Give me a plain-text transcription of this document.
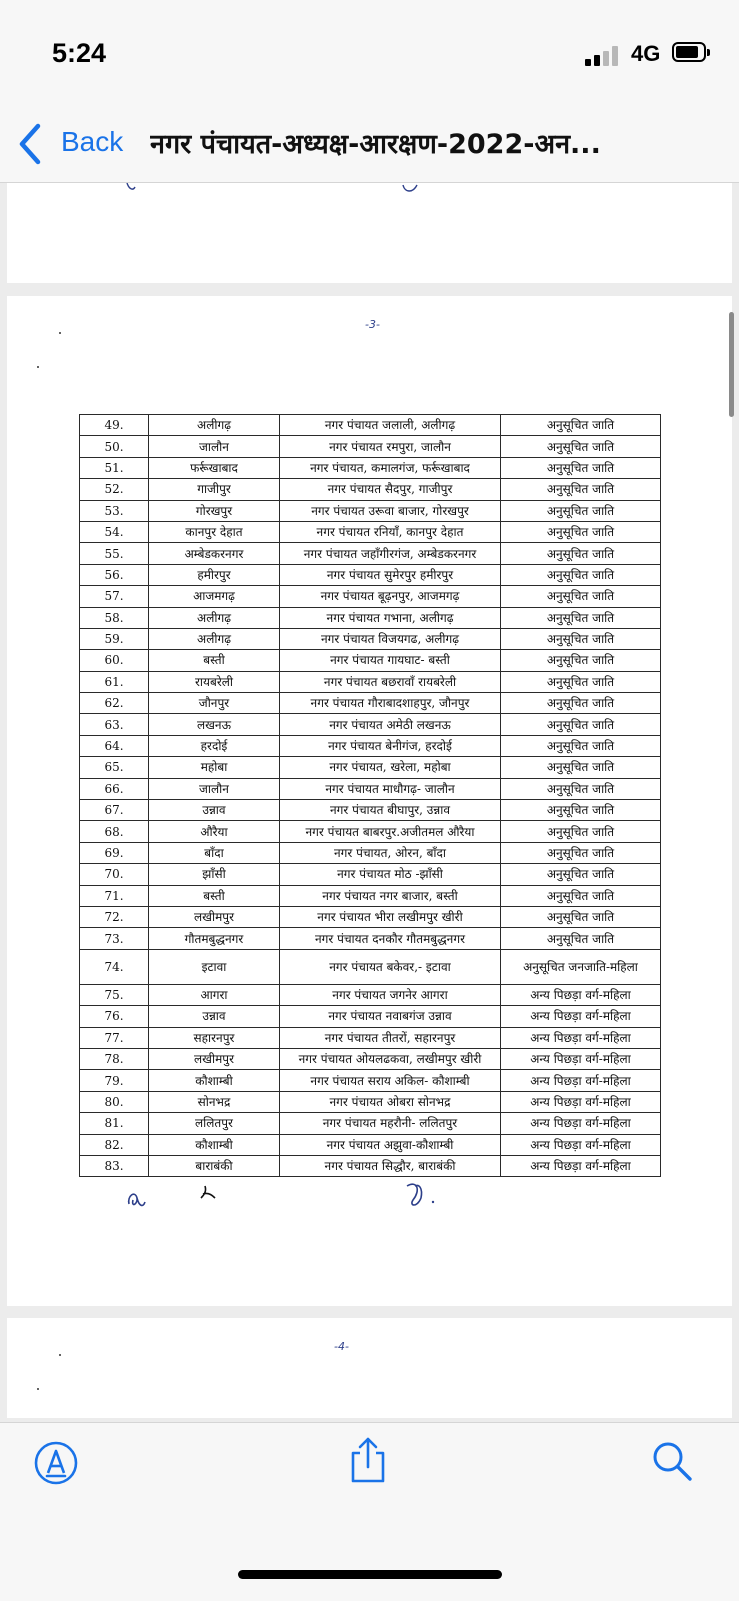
5:24	4G
Back नगर पंचायत-अध्यक्ष-आरक्षण-2022-अन...
-3-
49.	अलीगढ़	नगर पंचायत जलाली, अलीगढ़	अनुसूचित जाति
50.	जालौन	नगर पंचायत रमपुरा, जालौन	अनुसूचित जाति
51.	फर्रूखाबाद	नगर पंचायत, कमालगंज, फर्रूखाबाद	अनुसूचित जाति
52.	गाजीपुर	नगर पंचायत सैदपुर, गाजीपुर	अनुसूचित जाति
53.	गोरखपुर	नगर पंचायत उरूवा बाजार, गोरखपुर	अनुसूचित जाति
54.	कानपुर देहात	नगर पंचायत रनियाँ, कानपुर देहात	अनुसूचित जाति
55.	अम्बेडकरनगर	नगर पंचायत जहाँगीरगंज, अम्बेडकरनगर	अनुसूचित जाति
56.	हमीरपुर	नगर पंचायत सुमेरपुर हमीरपुर	अनुसूचित जाति
57.	आजमगढ़	नगर पंचायत बूढ़नपुर, आजमगढ़	अनुसूचित जाति
58.	अलीगढ़	नगर पंचायत गभाना, अलीगढ़	अनुसूचित जाति
59.	अलीगढ़	नगर पंचायत विजयगढ, अलीगढ़	अनुसूचित जाति
60.	बस्ती	नगर पंचायत गायघाट- बस्ती	अनुसूचित जाति
61.	रायबरेली	नगर पंचायत बछरावाँ रायबरेली	अनुसूचित जाति
62.	जौनपुर	नगर पंचायत गौराबादशाहपुर, जौनपुर	अनुसूचित जाति
63.	लखनऊ	नगर पंचायत अमेठी लखनऊ	अनुसूचित जाति
64.	हरदोई	नगर पंचायत बेनीगंज, हरदोई	अनुसूचित जाति
65.	महोबा	नगर पंचायत, खरेला, महोबा	अनुसूचित जाति
66.	जालौन	नगर पंचायत माधौगढ़- जालौन	अनुसूचित जाति
67.	उन्नाव	नगर पंचायत बीघापुर, उन्नाव	अनुसूचित जाति
68.	औरैया	नगर पंचायत बाबरपुर.अजीतमल औरैया	अनुसूचित जाति
69.	बाँदा	नगर पंचायत, ओरन, बाँदा	अनुसूचित जाति
70.	झाँसी	नगर पंचायत मोठ -झाँसी	अनुसूचित जाति
71.	बस्ती	नगर पंचायत नगर बाजार, बस्ती	अनुसूचित जाति
72.	लखीमपुर	नगर पंचायत भीरा लखीमपुर खीरी	अनुसूचित जाति
73.	गौतमबुद्धनगर	नगर पंचायत दनकौर गौतमबुद्धनगर	अनुसूचित जाति
74.	इटावा	नगर पंचायत बकेवर,- इटावा	अनुसूचित जनजाति-महिला
75.	आगरा	नगर पंचायत जगनेर आगरा	अन्य पिछड़ा वर्ग-महिला
76.	उन्नाव	नगर पंचायत नवाबगंज उन्नाव	अन्य पिछड़ा वर्ग-महिला
77.	सहारनपुर	नगर पंचायत तीतरों, सहारनपुर	अन्य पिछड़ा वर्ग-महिला
78.	लखीमपुर	नगर पंचायत ओयलढकवा, लखीमपुर खीरी	अन्य पिछड़ा वर्ग-महिला
79.	कौशाम्बी	नगर पंचायत सराय अकिल- कौशाम्बी	अन्य पिछड़ा वर्ग-महिला
80.	सोनभद्र	नगर पंचायत ओबरा सोनभद्र	अन्य पिछड़ा वर्ग-महिला
81.	ललितपुर	नगर पंचायत महरौनी- ललितपुर	अन्य पिछड़ा वर्ग-महिला
82.	कौशाम्बी	नगर पंचायत अझुवा-कौशाम्बी	अन्य पिछड़ा वर्ग-महिला
83.	बाराबंकी	नगर पंचायत सिद्धौर, बाराबंकी	अन्य पिछड़ा वर्ग-महिला
-4-
